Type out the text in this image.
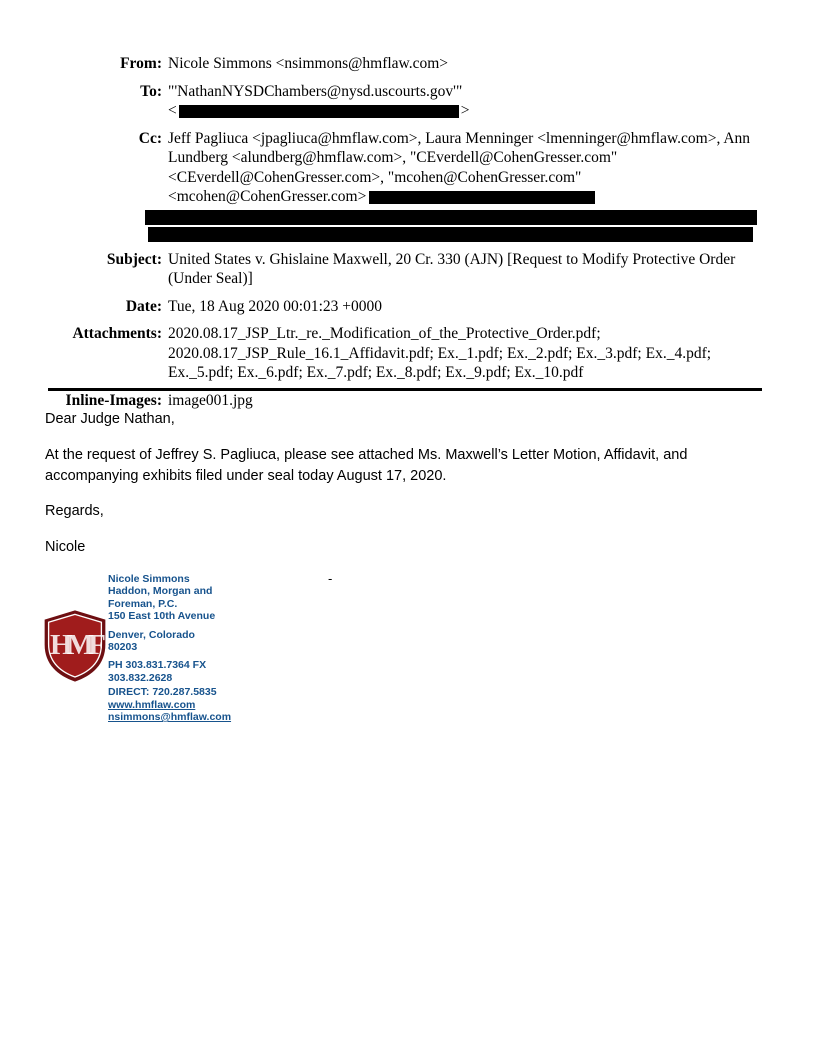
From: Nicole Simmons <nsimmons@hmflaw.com>
To: "'NathanNYSDChambers@nysd.uscourts.gov'"
<	>
Cc: Jeff Pagliuca <jpagliuca@hmflaw.com>, Laura Menninger <lmenninger@hmflaw.com>, Ann Lundberg <alundberg@hmflaw.com>, "CEverdell@CohenGresser.com" <CEverdell@CohenGresser.com>, "mcohen@CohenGresser.com" <mcohen@CohenGresser.com>
Subject: United States v. Ghislaine Maxwell, 20 Cr. 330 (AJN) [Request to Modify Protective Order (Under Seal)]
Date: Tue, 18 Aug 2020 00:01:23 +0000
Attachments: 2020.08.17_JSP_Ltr._re._Modification_of_the_Protective_Order.pdf; 2020.08.17_JSP_Rule_16.1_Affidavit.pdf; Ex._1.pdf; Ex._2.pdf; Ex._3.pdf; Ex._4.pdf; Ex._5.pdf; Ex._6.pdf; Ex._7.pdf; Ex._8.pdf; Ex._9.pdf; Ex._10.pdf
Inline-Images: image001.jpg

Dear Judge Nathan,

At the request of Jeffrey S. Pagliuca, please see attached Ms. Maxwell’s Letter Motion, Affidavit, and accompanying exhibits filed under seal today August 17, 2020.

Regards,

Nicole

-
HMF
Nicole Simmons
Haddon, Morgan and
Foreman, P.C.
150 East 10th Avenue
Denver, Colorado
80203
PH 303.831.7364 FX
303.832.2628
DIRECT: 720.287.5835
www.hmflaw.com
nsimmons@hmflaw.com
